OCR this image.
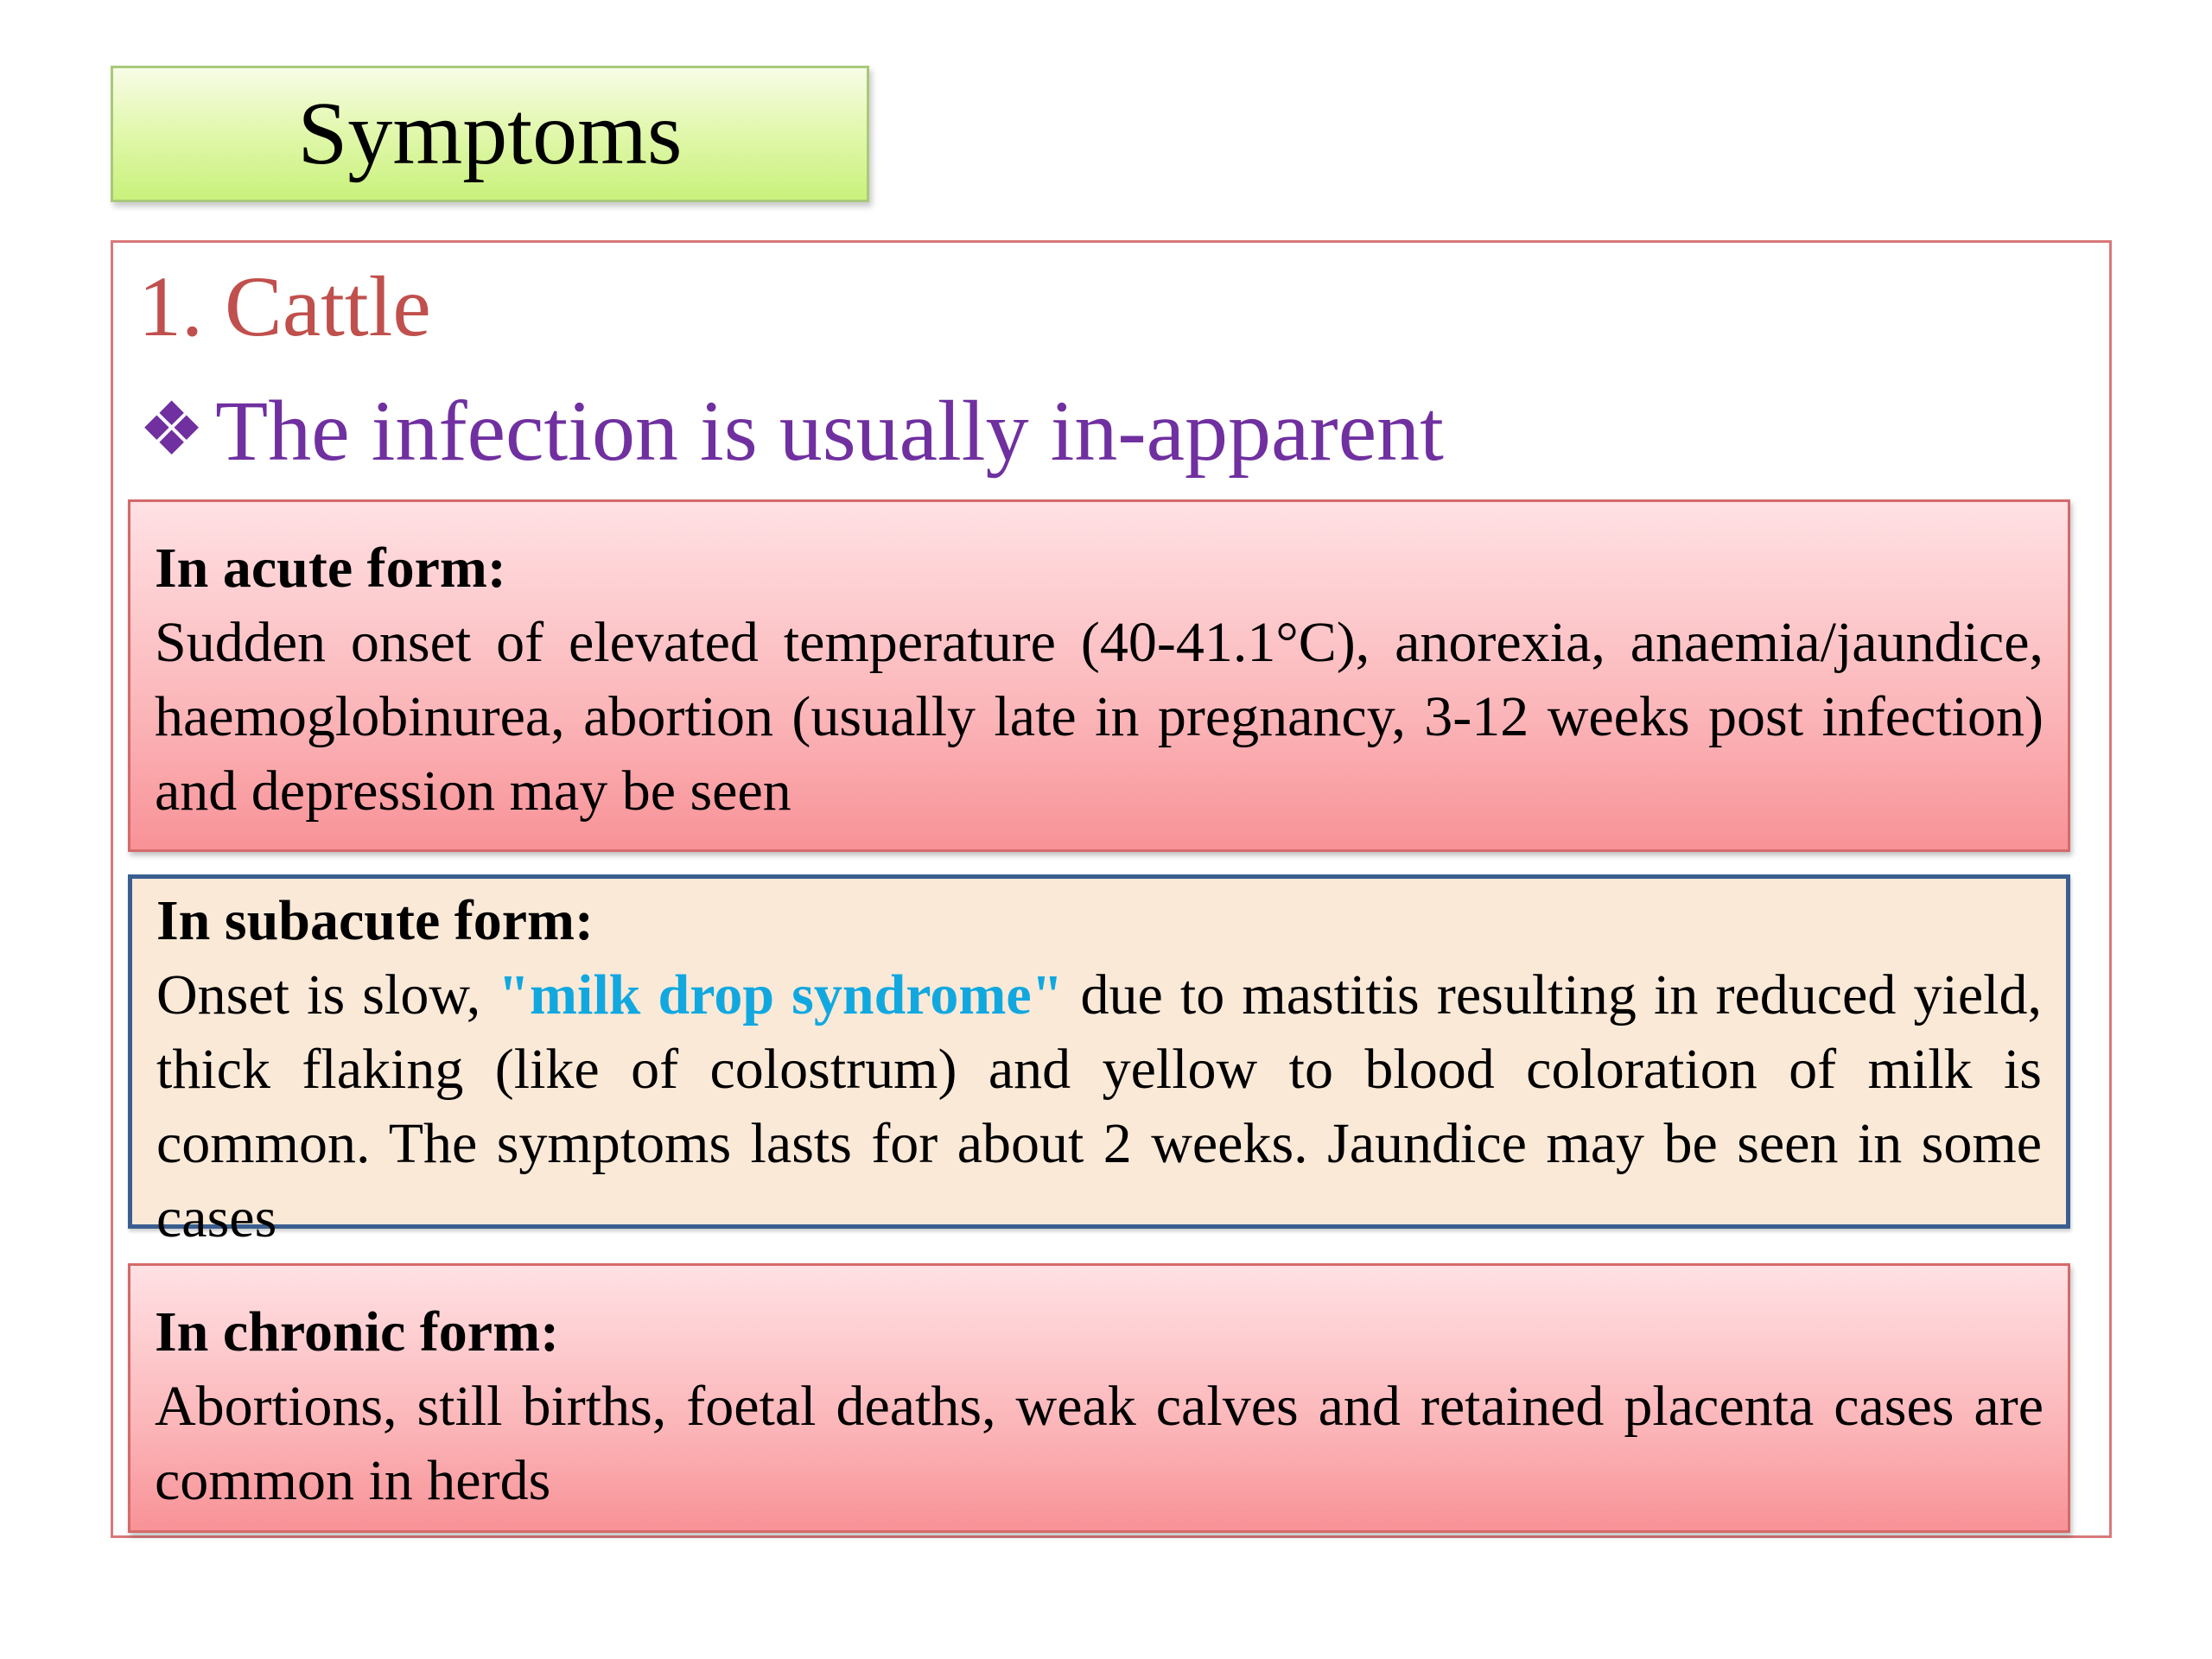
Symptoms
1. Cattle
❖ The infection is usually in-apparent
In acute form:
Sudden onset of elevated temperature (40-41.1°C), anorexia, anaemia/jaundice, haemoglobinurea, abortion (usually late in pregnancy, 3-12 weeks post infection) and depression may be seen
In subacute form:
Onset is slow, "milk drop syndrome" due to mastitis resulting in reduced yield, thick flaking (like of colostrum) and yellow to blood coloration of milk is common. The symptoms lasts for about 2 weeks. Jaundice may be seen in some cases
In chronic form:
Abortions, still births, foetal deaths, weak calves and retained placenta cases are common in herds
